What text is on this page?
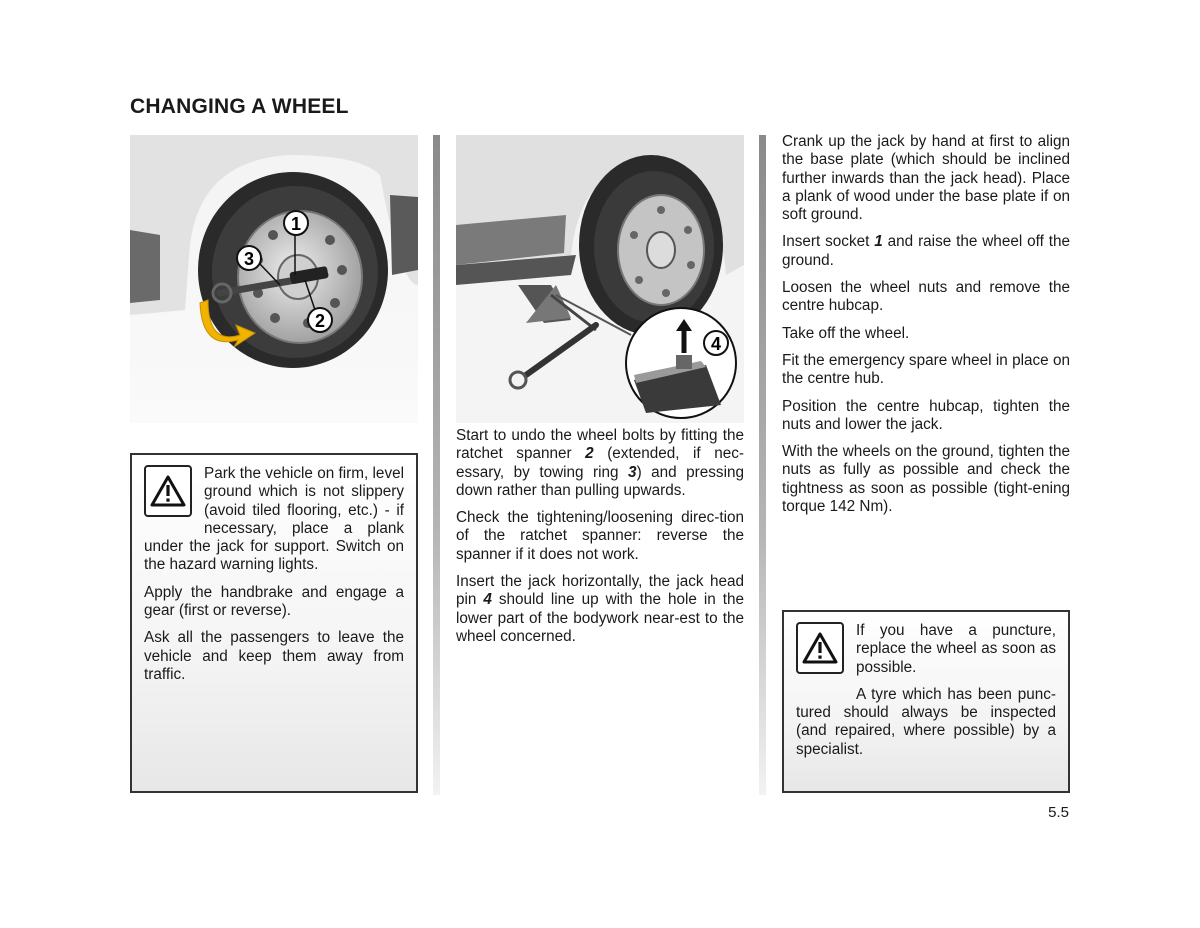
CHANGING A WHEEL
1
3
2
4

Park the vehicle on firm, level ground which is not slippery (avoid tiled flooring, etc.) - if necessary, place a plank under the jack for support. Switch on the hazard warning lights.

Apply the handbrake and engage a gear (first or reverse).

Ask all the passengers to leave the vehicle and keep them away from traffic.

Start to undo the wheel bolts by fitting the ratchet spanner 2 (extended, if nec-essary, by towing ring 3) and pressing down rather than pulling upwards.

Check the tightening/loosening direc-tion of the ratchet spanner: reverse the spanner if it does not work.

Insert the jack horizontally, the jack head pin 4 should line up with the hole in the lower part of the bodywork near-est to the wheel concerned.

Crank up the jack by hand at first to align the base plate (which should be inclined further inwards than the jack head). Place a plank of wood under the base plate if on soft ground.

Insert socket 1 and raise the wheel off the ground.

Loosen the wheel nuts and remove the centre hubcap.

Take off the wheel.

Fit the emergency spare wheel in place on the centre hub.

Position the centre hubcap, tighten the nuts and lower the jack.

With the wheels on the ground, tighten the nuts as fully as possible and check the tightness as soon as possible (tight-ening torque 142 Nm).

If you have a puncture, replace the wheel as soon as possible.

A tyre which has been punc-tured should always be inspected (and repaired, where possible) by a specialist.

5.5
